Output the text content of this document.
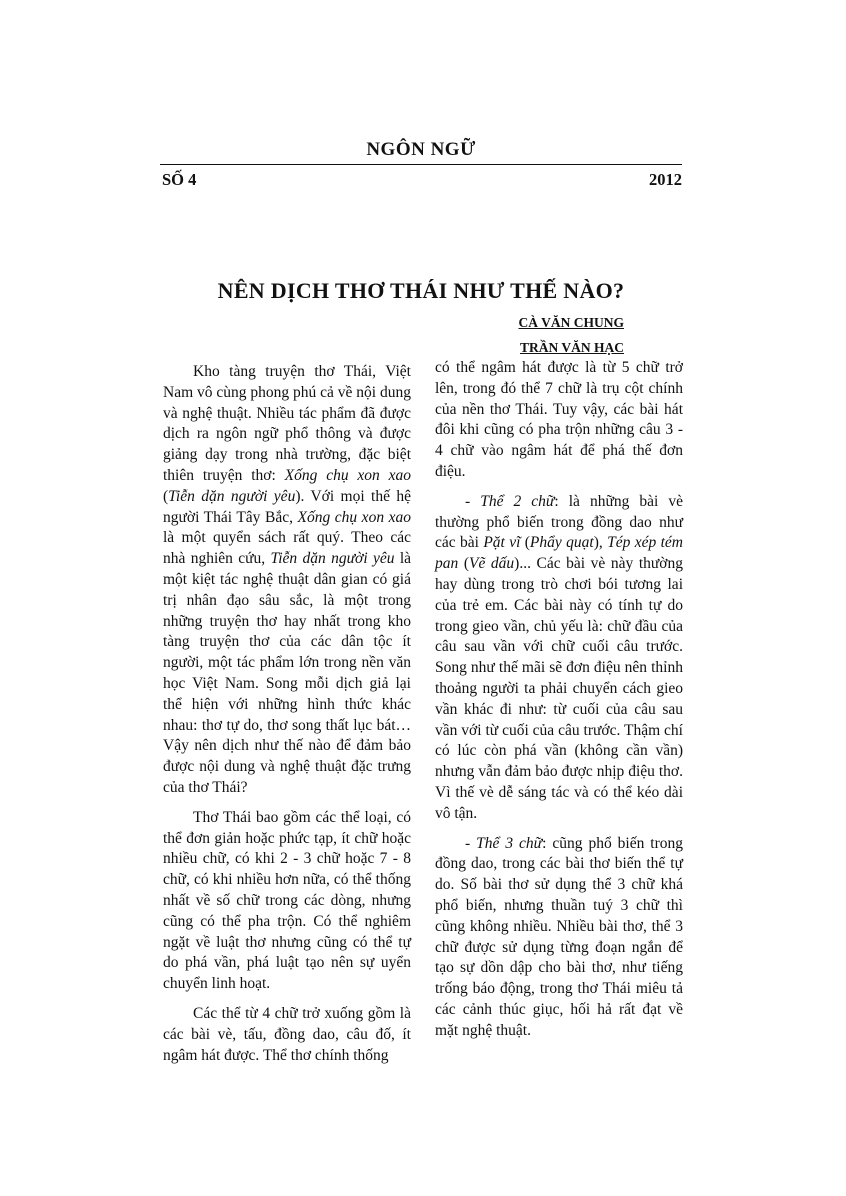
NGÔN NGỮ
SỐ 4	2012
NÊN DỊCH THƠ THÁI NHƯ THẾ NÀO?
CÀ VĂN CHUNG
TRẦN VĂN HẠC

Kho tàng truyện thơ Thái, Việt Nam vô cùng phong phú cả về nội dung và nghệ thuật. Nhiều tác phẩm đã được dịch ra ngôn ngữ phổ thông và được giảng dạy trong nhà trường, đặc biệt thiên truyện thơ: Xống chụ xon xao (Tiễn dặn người yêu). Với mọi thế hệ người Thái Tây Bắc, Xống chụ xon xao là một quyển sách rất quý. Theo các nhà nghiên cứu, Tiễn dặn người yêu là một kiệt tác nghệ thuật dân gian có giá trị nhân đạo sâu sắc, là một trong những truyện thơ hay nhất trong kho tàng truyện thơ của các dân tộc ít người, một tác phẩm lớn trong nền văn học Việt Nam. Song mỗi dịch giả lại thể hiện với những hình thức khác nhau: thơ tự do, thơ song thất lục bát… Vậy nên dịch như thế nào để đảm bảo được nội dung và nghệ thuật đặc trưng của thơ Thái?

Thơ Thái bao gồm các thể loại, có thể đơn giản hoặc phức tạp, ít chữ hoặc nhiều chữ, có khi 2 - 3 chữ hoặc 7 - 8 chữ, có khi nhiều hơn nữa, có thể thống nhất về số chữ trong các dòng, nhưng cũng có thể pha trộn. Có thể nghiêm ngặt về luật thơ nhưng cũng có thể tự do phá vần, phá luật tạo nên sự uyển chuyển linh hoạt.

Các thể từ 4 chữ trở xuống gồm là các bài vè, tấu, đồng dao, câu đố, ít ngâm hát được. Thể thơ chính thống

có thể ngâm hát được là từ 5 chữ trở lên, trong đó thể 7 chữ là trụ cột chính của nền thơ Thái. Tuy vậy, các bài hát đôi khi cũng có pha trộn những câu 3 - 4 chữ vào ngâm hát để phá thế đơn điệu.

- Thể 2 chữ: là những bài vè thường phổ biến trong đồng dao như các bài Pặt vĩ (Phẩy quạt), Tép xép tém pan (Vẽ dấu)... Các bài vè này thường hay dùng trong trò chơi bói tương lai của trẻ em. Các bài này có tính tự do trong gieo vần, chủ yếu là: chữ đầu của câu sau vần với chữ cuối câu trước. Song như thế mãi sẽ đơn điệu nên thỉnh thoảng người ta phải chuyển cách gieo vần khác đi như: từ cuối của câu sau vần với từ cuối của câu trước. Thậm chí có lúc còn phá vần (không cần vần) nhưng vẫn đảm bảo được nhịp điệu thơ. Vì thế vè dễ sáng tác và có thể kéo dài vô tận.

- Thể 3 chữ: cũng phổ biến trong đồng dao, trong các bài thơ biến thể tự do. Số bài thơ sử dụng thể 3 chữ khá phổ biến, nhưng thuần tuý 3 chữ thì cũng không nhiều. Nhiều bài thơ, thể 3 chữ được sử dụng từng đoạn ngắn để tạo sự dồn dập cho bài thơ, như tiếng trống báo động, trong thơ Thái miêu tả các cảnh thúc giục, hối hả rất đạt về mặt nghệ thuật.
